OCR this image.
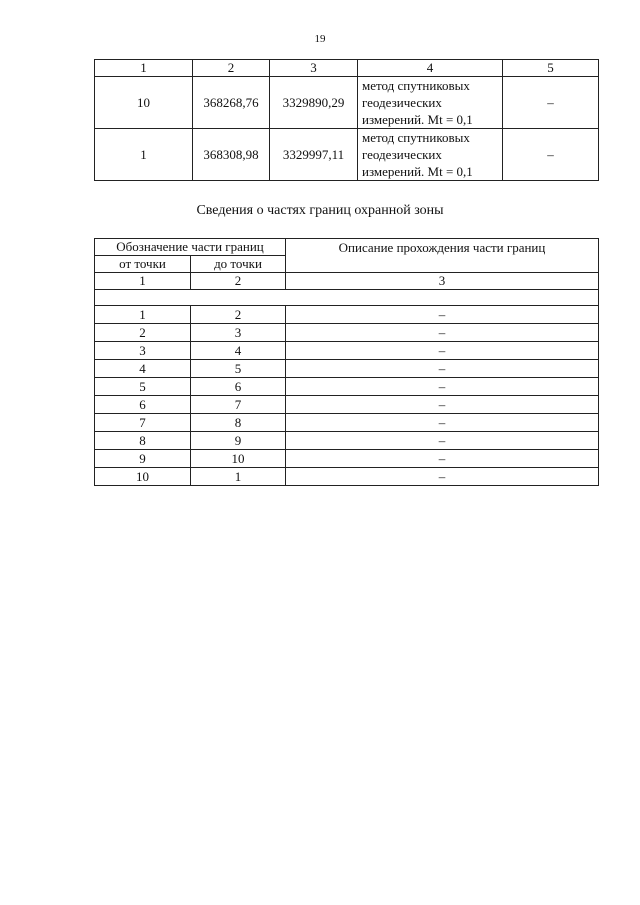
19
1	2	3	4	5
10	368268,76	3329890,29	метод спутниковых
геодезических
измерений. Mt = 0,1	–
1	368308,98	3329997,11	метод спутниковых
геодезических
измерений. Mt = 0,1	–
Сведения о частях границ охранной зоны
Обозначение части границ		Описание прохождения части границ
от точки	до точки	
1	2	3

1	2	–
2	3	–
3	4	–
4	5	–
5	6	–
6	7	–
7	8	–
8	9	–
9	10	–
10	1	–
